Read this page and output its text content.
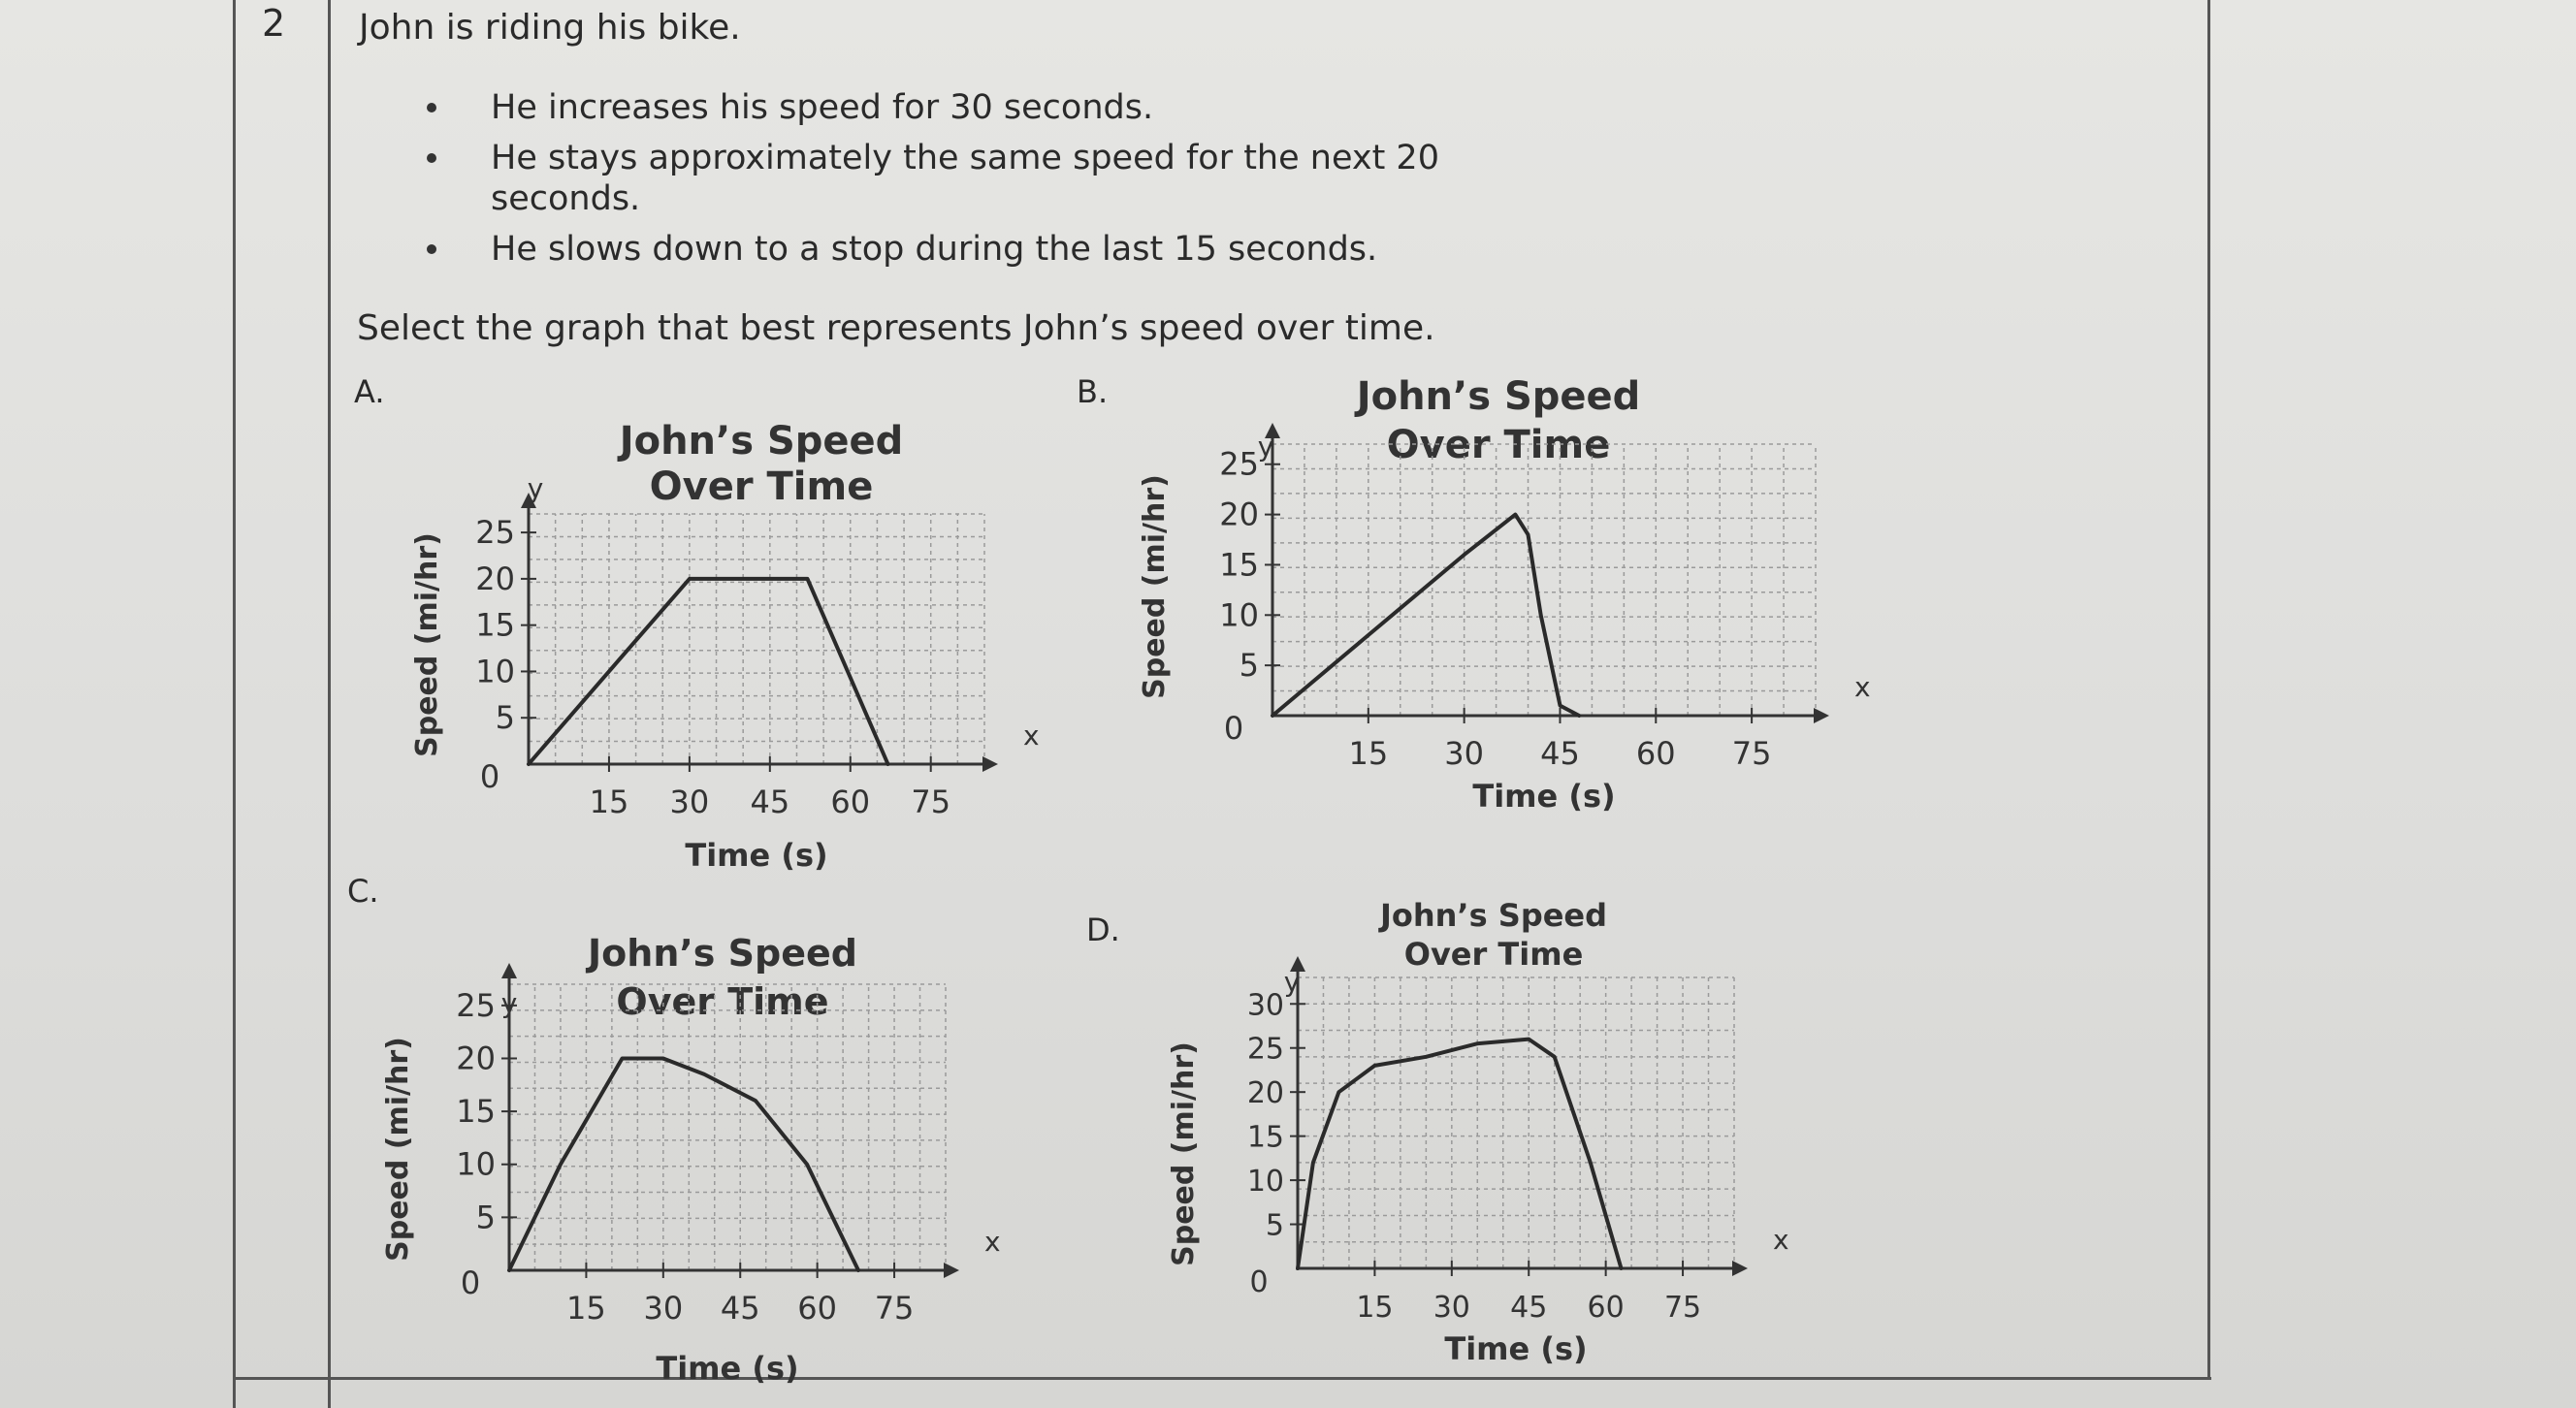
2 John is riding his bike.
He increases his speed for 30 seconds.
He stays approximately the same speed for the next 20 seconds.
He slows down to a stop during the last 15 seconds.
Select the graph that best represents John’s speed over time.
A.	B.
C.
D.
John’s Speed
Over Time
x
y
15 30 45 60 75
5
10
15
20
25
0
Time (s)
Speed (mi/hr)
John’s Speed
Over Time
x
y
15 30 45 60 75
5
10
15
20
25
0
Time (s)
Speed (mi/hr)
John’s Speed
Over Time
x
y
15 30 45 60 75
5
10
15
20
25
0
Time (s)
Speed (mi/hr)
John’s Speed
Over Time
x
y
15 30 45 60 75
5
10
15
20
25
30
0
Time (s)
Speed (mi/hr)
